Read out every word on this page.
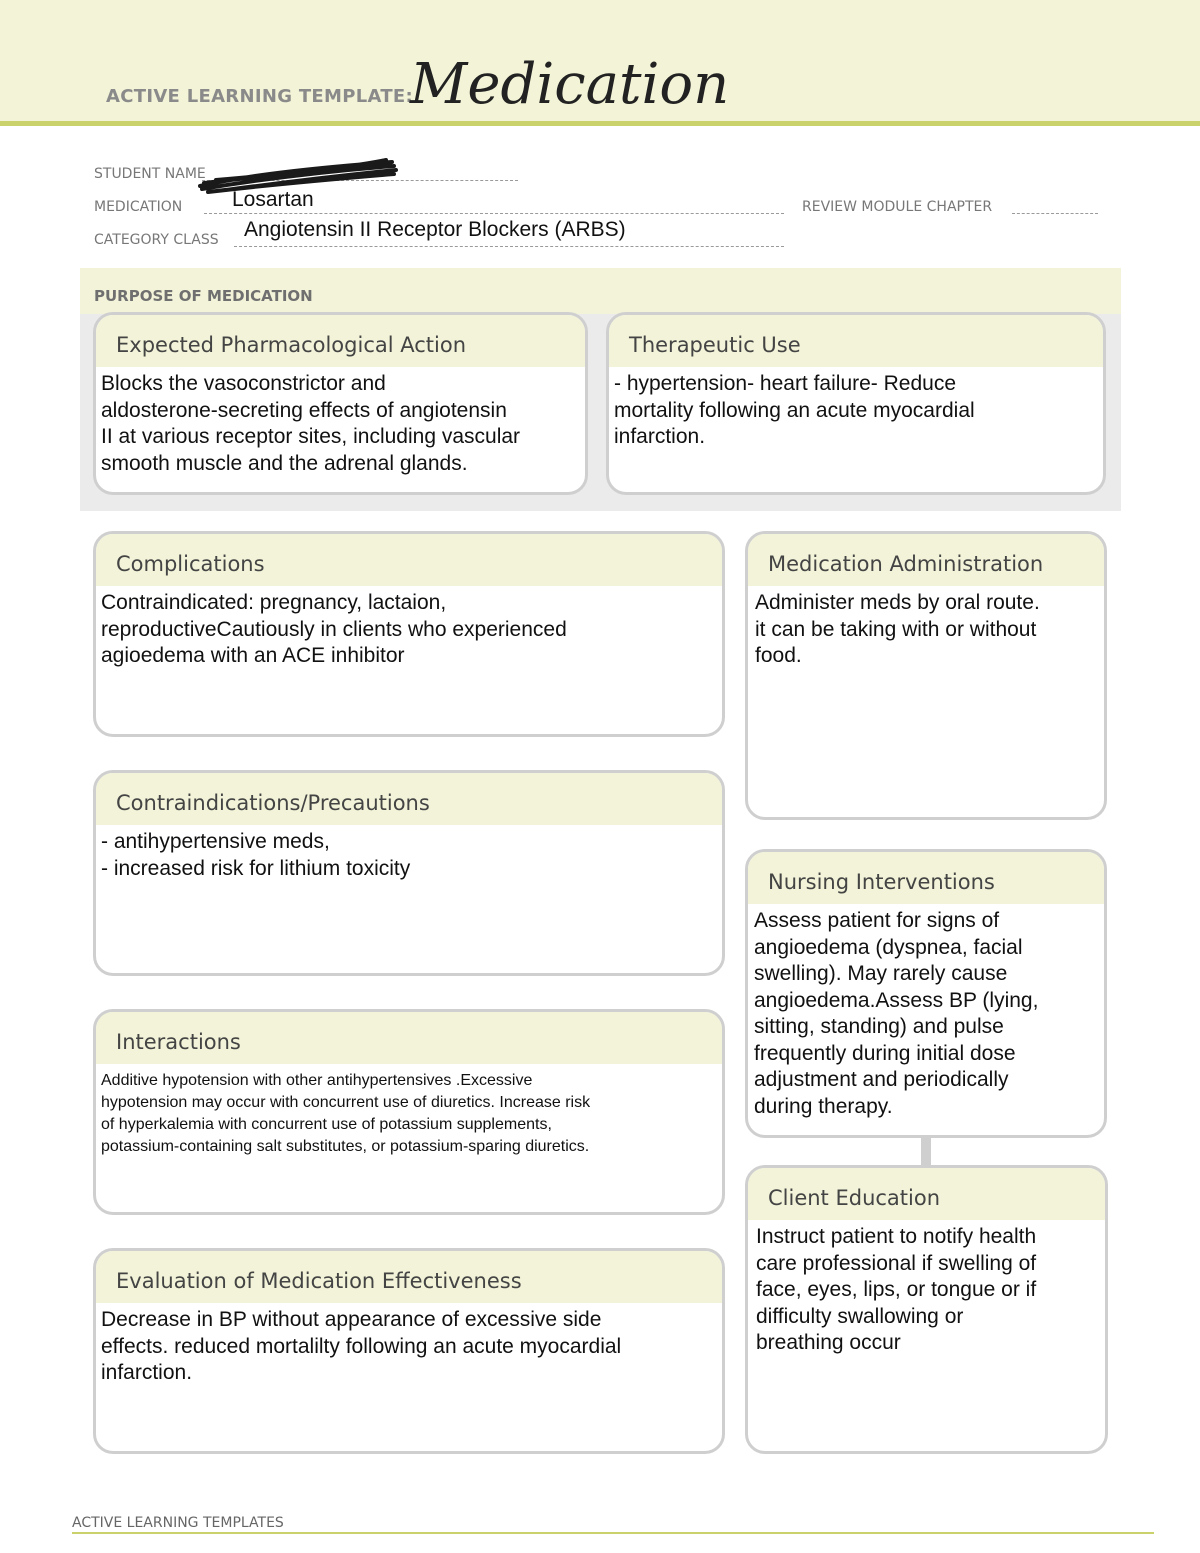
ACTIVE LEARNING TEMPLATE:
Medication
STUDENT NAME
MEDICATION Losartan	REVIEW MODULE CHAPTER
CATEGORY CLASS Angiotensin II Receptor Blockers (ARBS)
PURPOSE OF MEDICATION
Expected Pharmacological Action
Blocks the vasoconstrictor and
aldosterone-secreting effects of angiotensin
II at various receptor sites, including vascular
smooth muscle and the adrenal glands.
Therapeutic Use
- hypertension- heart failure- Reduce
mortality following an acute myocardial
infarction.
Complications
Contraindicated: pregnancy, lactaion,
reproductiveCautiously in clients who experienced
agioedema with an ACE inhibitor
Contraindications/Precautions
- antihypertensive meds,
- increased risk for lithium toxicity
Interactions
Additive hypotension with other antihypertensives .Excessive
hypotension may occur with concurrent use of diuretics. Increase risk
of hyperkalemia with concurrent use of potassium supplements,
potassium-containing salt substitutes, or potassium-sparing diuretics.
Evaluation of Medication Effectiveness
Decrease in BP without appearance of excessive side
effects. reduced mortalilty following an acute myocardial
infarction.
Medication Administration
Administer meds by oral route.
it can be taking with or without
food.
Nursing Interventions
Assess patient for signs of
angioedema (dyspnea, facial
swelling). May rarely cause
angioedema.Assess BP (lying,
sitting, standing) and pulse
frequently during initial dose
adjustment and periodically
during therapy.
Client Education
Instruct patient to notify health
care professional if swelling of
face, eyes, lips, or tongue or if
difficulty swallowing or
breathing occur
ACTIVE LEARNING TEMPLATES
